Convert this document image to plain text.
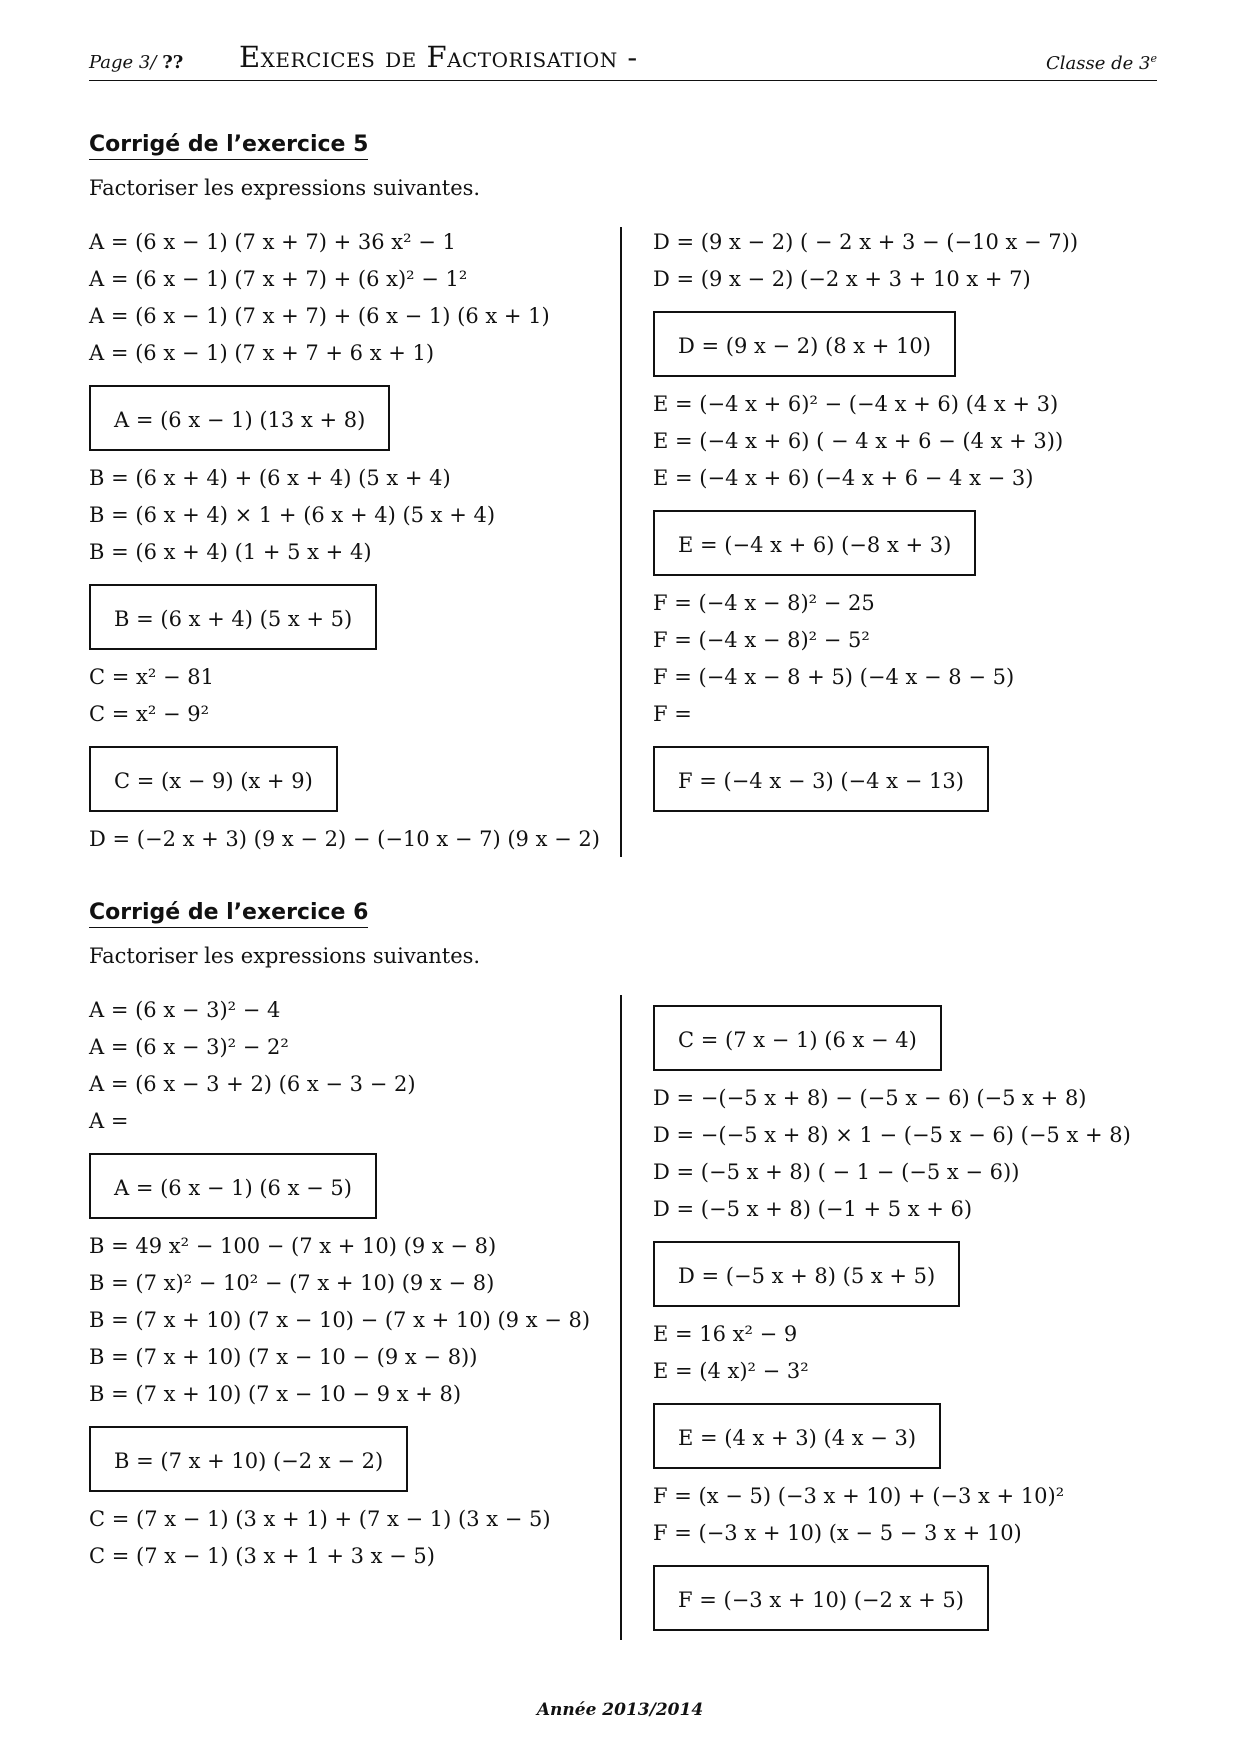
Page 3/ ?? Exercices de Factorisation -	Classe de 3e
Corrigé de l’exercice 5
Factoriser les expressions suivantes.
A = (6 x − 1) (7 x + 7) + 36 x² − 1
A = (6 x − 1) (7 x + 7) + (6 x)² − 1²
A = (6 x − 1) (7 x + 7) + (6 x − 1) (6 x + 1)
A = (6 x − 1) (7 x + 7 + 6 x + 1)
A = (6 x − 1) (13 x + 8)
B = (6 x + 4) + (6 x + 4) (5 x + 4)
B = (6 x + 4) × 1 + (6 x + 4) (5 x + 4)
B = (6 x + 4) (1 + 5 x + 4)
B = (6 x + 4) (5 x + 5)
C = x² − 81
C = x² − 9²
C = (x − 9) (x + 9)
D = (−2 x + 3) (9 x − 2) − (−10 x − 7) (9 x − 2)
D = (9 x − 2) ( − 2 x + 3 − (−10 x − 7))
D = (9 x − 2) (−2 x + 3 + 10 x + 7)
D = (9 x − 2) (8 x + 10)
E = (−4 x + 6)² − (−4 x + 6) (4 x + 3)
E = (−4 x + 6) ( − 4 x + 6 − (4 x + 3))
E = (−4 x + 6) (−4 x + 6 − 4 x − 3)
E = (−4 x + 6) (−8 x + 3)
F = (−4 x − 8)² − 25
F = (−4 x − 8)² − 5²
F = (−4 x − 8 + 5) (−4 x − 8 − 5)
F =
F = (−4 x − 3) (−4 x − 13)
Corrigé de l’exercice 6
Factoriser les expressions suivantes.
A = (6 x − 3)² − 4
A = (6 x − 3)² − 2²
A = (6 x − 3 + 2) (6 x − 3 − 2)
A =
A = (6 x − 1) (6 x − 5)
B = 49 x² − 100 − (7 x + 10) (9 x − 8)
B = (7 x)² − 10² − (7 x + 10) (9 x − 8)
B = (7 x + 10) (7 x − 10) − (7 x + 10) (9 x − 8)
B = (7 x + 10) (7 x − 10 − (9 x − 8))
B = (7 x + 10) (7 x − 10 − 9 x + 8)
B = (7 x + 10) (−2 x − 2)
C = (7 x − 1) (3 x + 1) + (7 x − 1) (3 x − 5)
C = (7 x − 1) (3 x + 1 + 3 x − 5)
C = (7 x − 1) (6 x − 4)
D = −(−5 x + 8) − (−5 x − 6) (−5 x + 8)
D = −(−5 x + 8) × 1 − (−5 x − 6) (−5 x + 8)
D = (−5 x + 8) ( − 1 − (−5 x − 6))
D = (−5 x + 8) (−1 + 5 x + 6)
D = (−5 x + 8) (5 x + 5)
E = 16 x² − 9
E = (4 x)² − 3²
E = (4 x + 3) (4 x − 3)
F = (x − 5) (−3 x + 10) + (−3 x + 10)²
F = (−3 x + 10) (x − 5 − 3 x + 10)
F = (−3 x + 10) (−2 x + 5)
Année 2013/2014
